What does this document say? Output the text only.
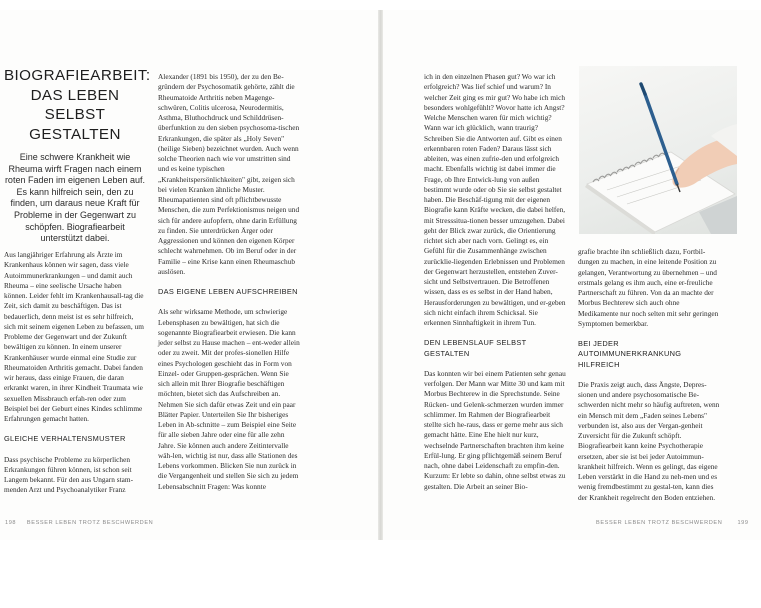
BIOGRAFIEARBEIT: DAS LEBEN SELBST GESTALTEN
Eine schwere Krankheit wie Rheuma wirft Fragen nach einem roten Faden im eigenen Leben auf. Es kann hilfreich sein, den zu finden, um daraus neue Kraft für Probleme in der Gegenwart zu schöpfen. Biografiearbeit unterstützt dabei.

Aus langjähriger Erfahrung als Ärzte im Krankenhaus können wir sagen, dass viele Autoimmunerkrankungen – und damit auch Rheuma – eine seelische Ursache haben können. Leider fehlt im Krankenhausall-tag die Zeit, sich damit zu beschäftigen. Das ist bedauerlich, denn meist ist es sehr hilfreich, sich mit seinem eigenen Leben zu befassen, um Probleme der Gegenwart und der Zukunft bewältigen zu können. In einem unserer Krankenhäuser wurde einmal eine Studie zur Rheumatoiden Arthritis gemacht. Dabei fanden wir heraus, dass einige Frauen, die daran erkrankt waren, in ihrer Kindheit Traumata wie sexuellen Missbrauch erfah-ren oder zum Beispiel bei der Geburt eines Kindes schlimme Erfahrungen gemacht hatten.

GLEICHE VERHALTENSMUSTER

Dass psychische Probleme zu körperlichen Erkrankungen führen können, ist schon seit Langem bekannt. Für den aus Ungarn stam-menden Arzt und Psychoanalytiker Franz

Alexander (1891 bis 1950), der zu den Be-gründern der Psychosomatik gehörte, zählt die Rheumatoide Arthritis neben Magenge-schwüren, Colitis ulcerosa, Neurodermitis, Asthma, Bluthochdruck und Schilddrüsen-überfunktion zu den sieben psychosoma-tischen Erkrankungen, die später als „Holy Seven" (heilige Sieben) bezeichnet wurden. Auch wenn solche Theorien nach wie vor umstritten sind und es keine typischen „Krankheitspersönlichkeiten" gibt, zeigen sich bei vielen Kranken ähnliche Muster. Rheumapatienten sind oft pflichtbewusste Menschen, die zum Perfektionismus neigen und sich für andere aufopfern, ohne darin Erfüllung zu finden. Sie unterdrücken Ärger oder Aggressionen und können den eigenen Körper schlecht wahrnehmen. Ob im Beruf oder in der Familie – eine Krise kann einen Rheumaschub auslösen.

DAS EIGENE LEBEN AUFSCHREIBEN

Als sehr wirksame Methode, um schwierige Lebensphasen zu bewältigen, hat sich die sogenannte Biografiearbeit erwiesen. Die kann jeder selbst zu Hause machen – ent-weder allein oder zu zweit. Mit der profes-sionellen Hilfe eines Psychologen geschieht das in Form von Einzel- oder Gruppen-gesprächen. Wenn Sie sich allein mit Ihrer Biografie beschäftigen möchten, bietet sich das Aufschreiben an. Nehmen Sie sich dafür etwas Zeit und ein paar Blätter Papier. Unterteilen Sie Ihr bisheriges Leben in Ab-schnitte – zum Beispiel eine Seite für alle sieben Jahre oder eine für alle zehn Jahre. Sie können auch andere Zeitintervalle wäh-len, wichtig ist nur, dass alle Stationen des Lebens vorkommen. Blicken Sie nun zurück in die Vergangenheit und stellen Sie sich zu jedem Lebensabschnitt Fragen: Was konnte

198 BESSER LEBEN TROTZ BESCHWERDEN

ich in den einzelnen Phasen gut? Wo war ich erfolgreich? Was lief schief und warum? In welcher Zeit ging es mir gut? Wo habe ich mich besonders wohlgefühlt? Wovor hatte ich Angst? Welche Menschen waren für mich wichtig? Wann war ich glücklich, wann traurig? Schreiben Sie die Antworten auf. Gibt es einen erkennbaren roten Faden? Daraus lässt sich ableiten, was einen zufrie-den und erfolgreich macht. Ebenfalls wichtig ist dabei immer die Frage, ob Ihre Entwick-lung von außen bestimmt wurde oder ob Sie sie selbst gestaltet haben. Die Beschäf-tigung mit der eigenen Biografie kann Kräfte wecken, die dabei helfen, mit Stresssitua-tionen besser umzugehen. Dabei geht der Blick zwar zurück, die Orientierung richtet sich aber nach vorn. Gelingt es, ein Gefühl für die Zusammenhänge zwischen zurücklie-liegenden Erlebnissen und Problemen der Gegenwart herzustellen, entstehen Zuver-sicht und Selbstvertrauen. Die Betroffenen wissen, dass es es selbst in der Hand haben, Herausforderungen zu bewältigen, und er-geben sich nicht einfach ihrem Schicksal. Sie erkennen Sinnhaftigkeit in ihrem Tun.

DEN LEBENSLAUF SELBST GESTALTEN

Das konnten wir bei einem Patienten sehr genau verfolgen. Der Mann war Mitte 30 und kam mit Morbus Bechterew in die Sprechstunde. Seine Rücken- und Gelenk-schmerzen wurden immer schlimmer. Im Rahmen der Biografiearbeit stellte sich he-raus, dass er gerne mehr aus sich gemacht hätte. Eine Ehe hielt nur kurz, wechselnde Partnerschaften brachten ihm keine Erfül-lung. Er ging pflichtgemäß seinem Beruf nach, ohne dabei Leidenschaft zu empfin-den. Kurzum: Er lebte so dahin, ohne selbst etwas zu gestalten. Die Arbeit an seiner Bio-

grafie brachte ihn schließlich dazu, Fortbil-dungen zu machen, in eine leitende Position zu gelangen, Verantwortung zu übernehmen – und erstmals gelang es ihm auch, eine er-freuliche Partnerschaft zu führen. Von da an machte der Morbus Bechterew sich auch ohne Medikamente nur noch selten mit sehr geringen Symptomen bemerkbar.

BEI JEDER AUTOIMMUNERKRANKUNG HILFREICH

Die Praxis zeigt auch, dass Ängste, Depres-sionen und andere psychosomatische Be-schwerden nicht mehr so häufig auftreten, wenn ein Mensch mit dem „Faden seines Lebens" verbunden ist, also aus der Vergan-genheit Zuversicht für die Zukunft schöpft. Biografiearbeit kann keine Psychotherapie ersetzen, aber sie ist bei jeder Autoimmun-krankheit hilfreich. Wenn es gelingt, das eigene Leben verstärkt in die Hand zu neh-men und es wenig fremdbestimmt zu gestal-ten, kann dies der Krankheit regelrecht den Boden entziehen.

BESSER LEBEN TROTZ BESCHWERDEN	199
